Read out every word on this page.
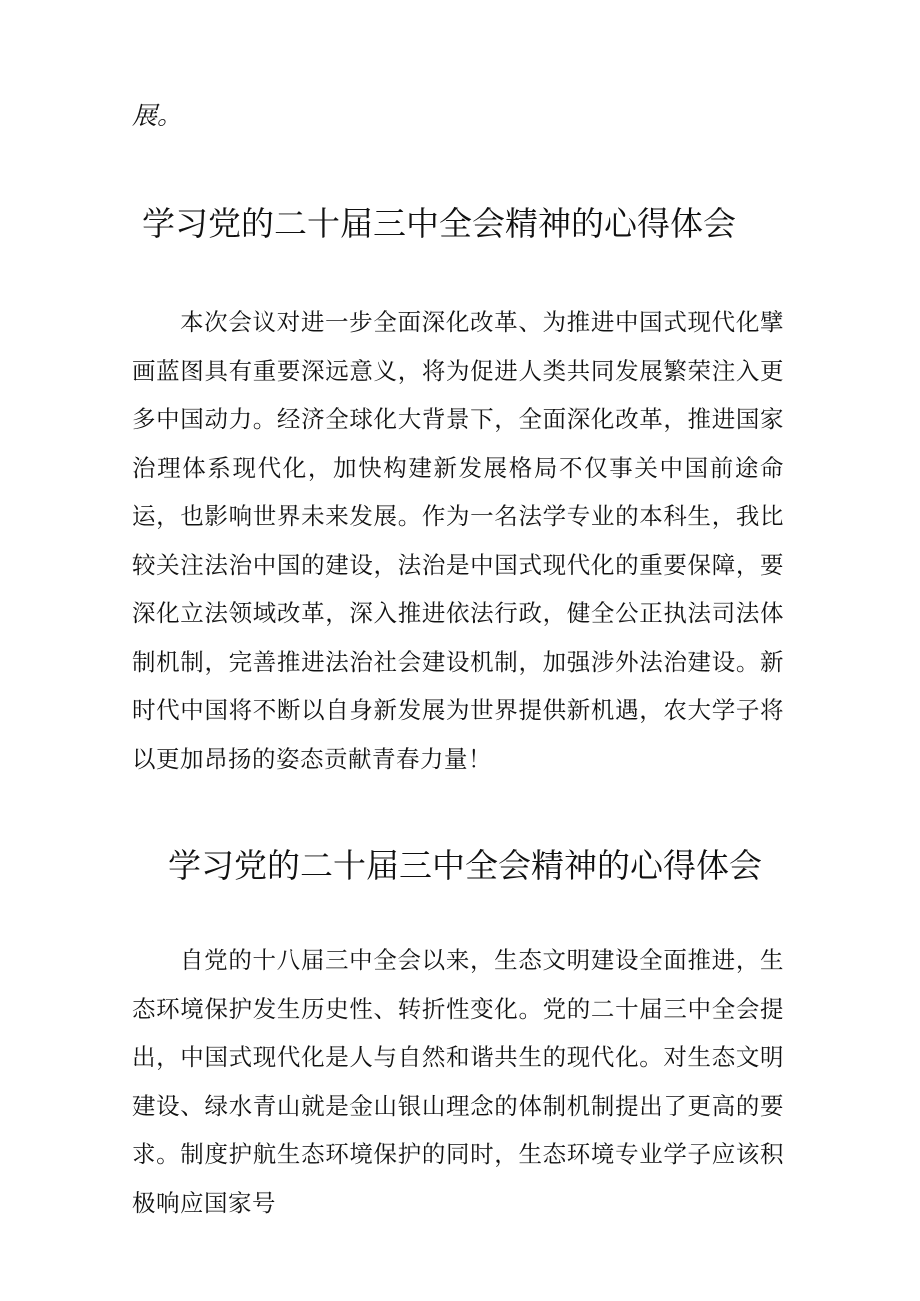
展。

学习党的二十届三中全会精神的心得体会

本次会议对进一步全面深化改革、为推进中国式现代化擘画蓝图具有重要深远意义，将为促进人类共同发展繁荣注入更多中国动力。经济全球化大背景下，全面深化改革，推进国家治理体系现代化，加快构建新发展格局不仅事关中国前途命运，也影响世界未来发展。作为一名法学专业的本科生，我比较关注法治中国的建设，法治是中国式现代化的重要保障，要深化立法领域改革，深入推进依法行政，健全公正执法司法体制机制，完善推进法治社会建设机制，加强涉外法治建设。新时代中国将不断以自身新发展为世界提供新机遇，农大学子将以更加昂扬的姿态贡献青春力量！

学习党的二十届三中全会精神的心得体会

自党的十八届三中全会以来，生态文明建设全面推进，生态环境保护发生历史性、转折性变化。党的二十届三中全会提出，中国式现代化是人与自然和谐共生的现代化。对生态文明建设、绿水青山就是金山银山理念的体制机制提出了更高的要求。制度护航生态环境保护的同时，生态环境专业学子应该积极响应国家号
